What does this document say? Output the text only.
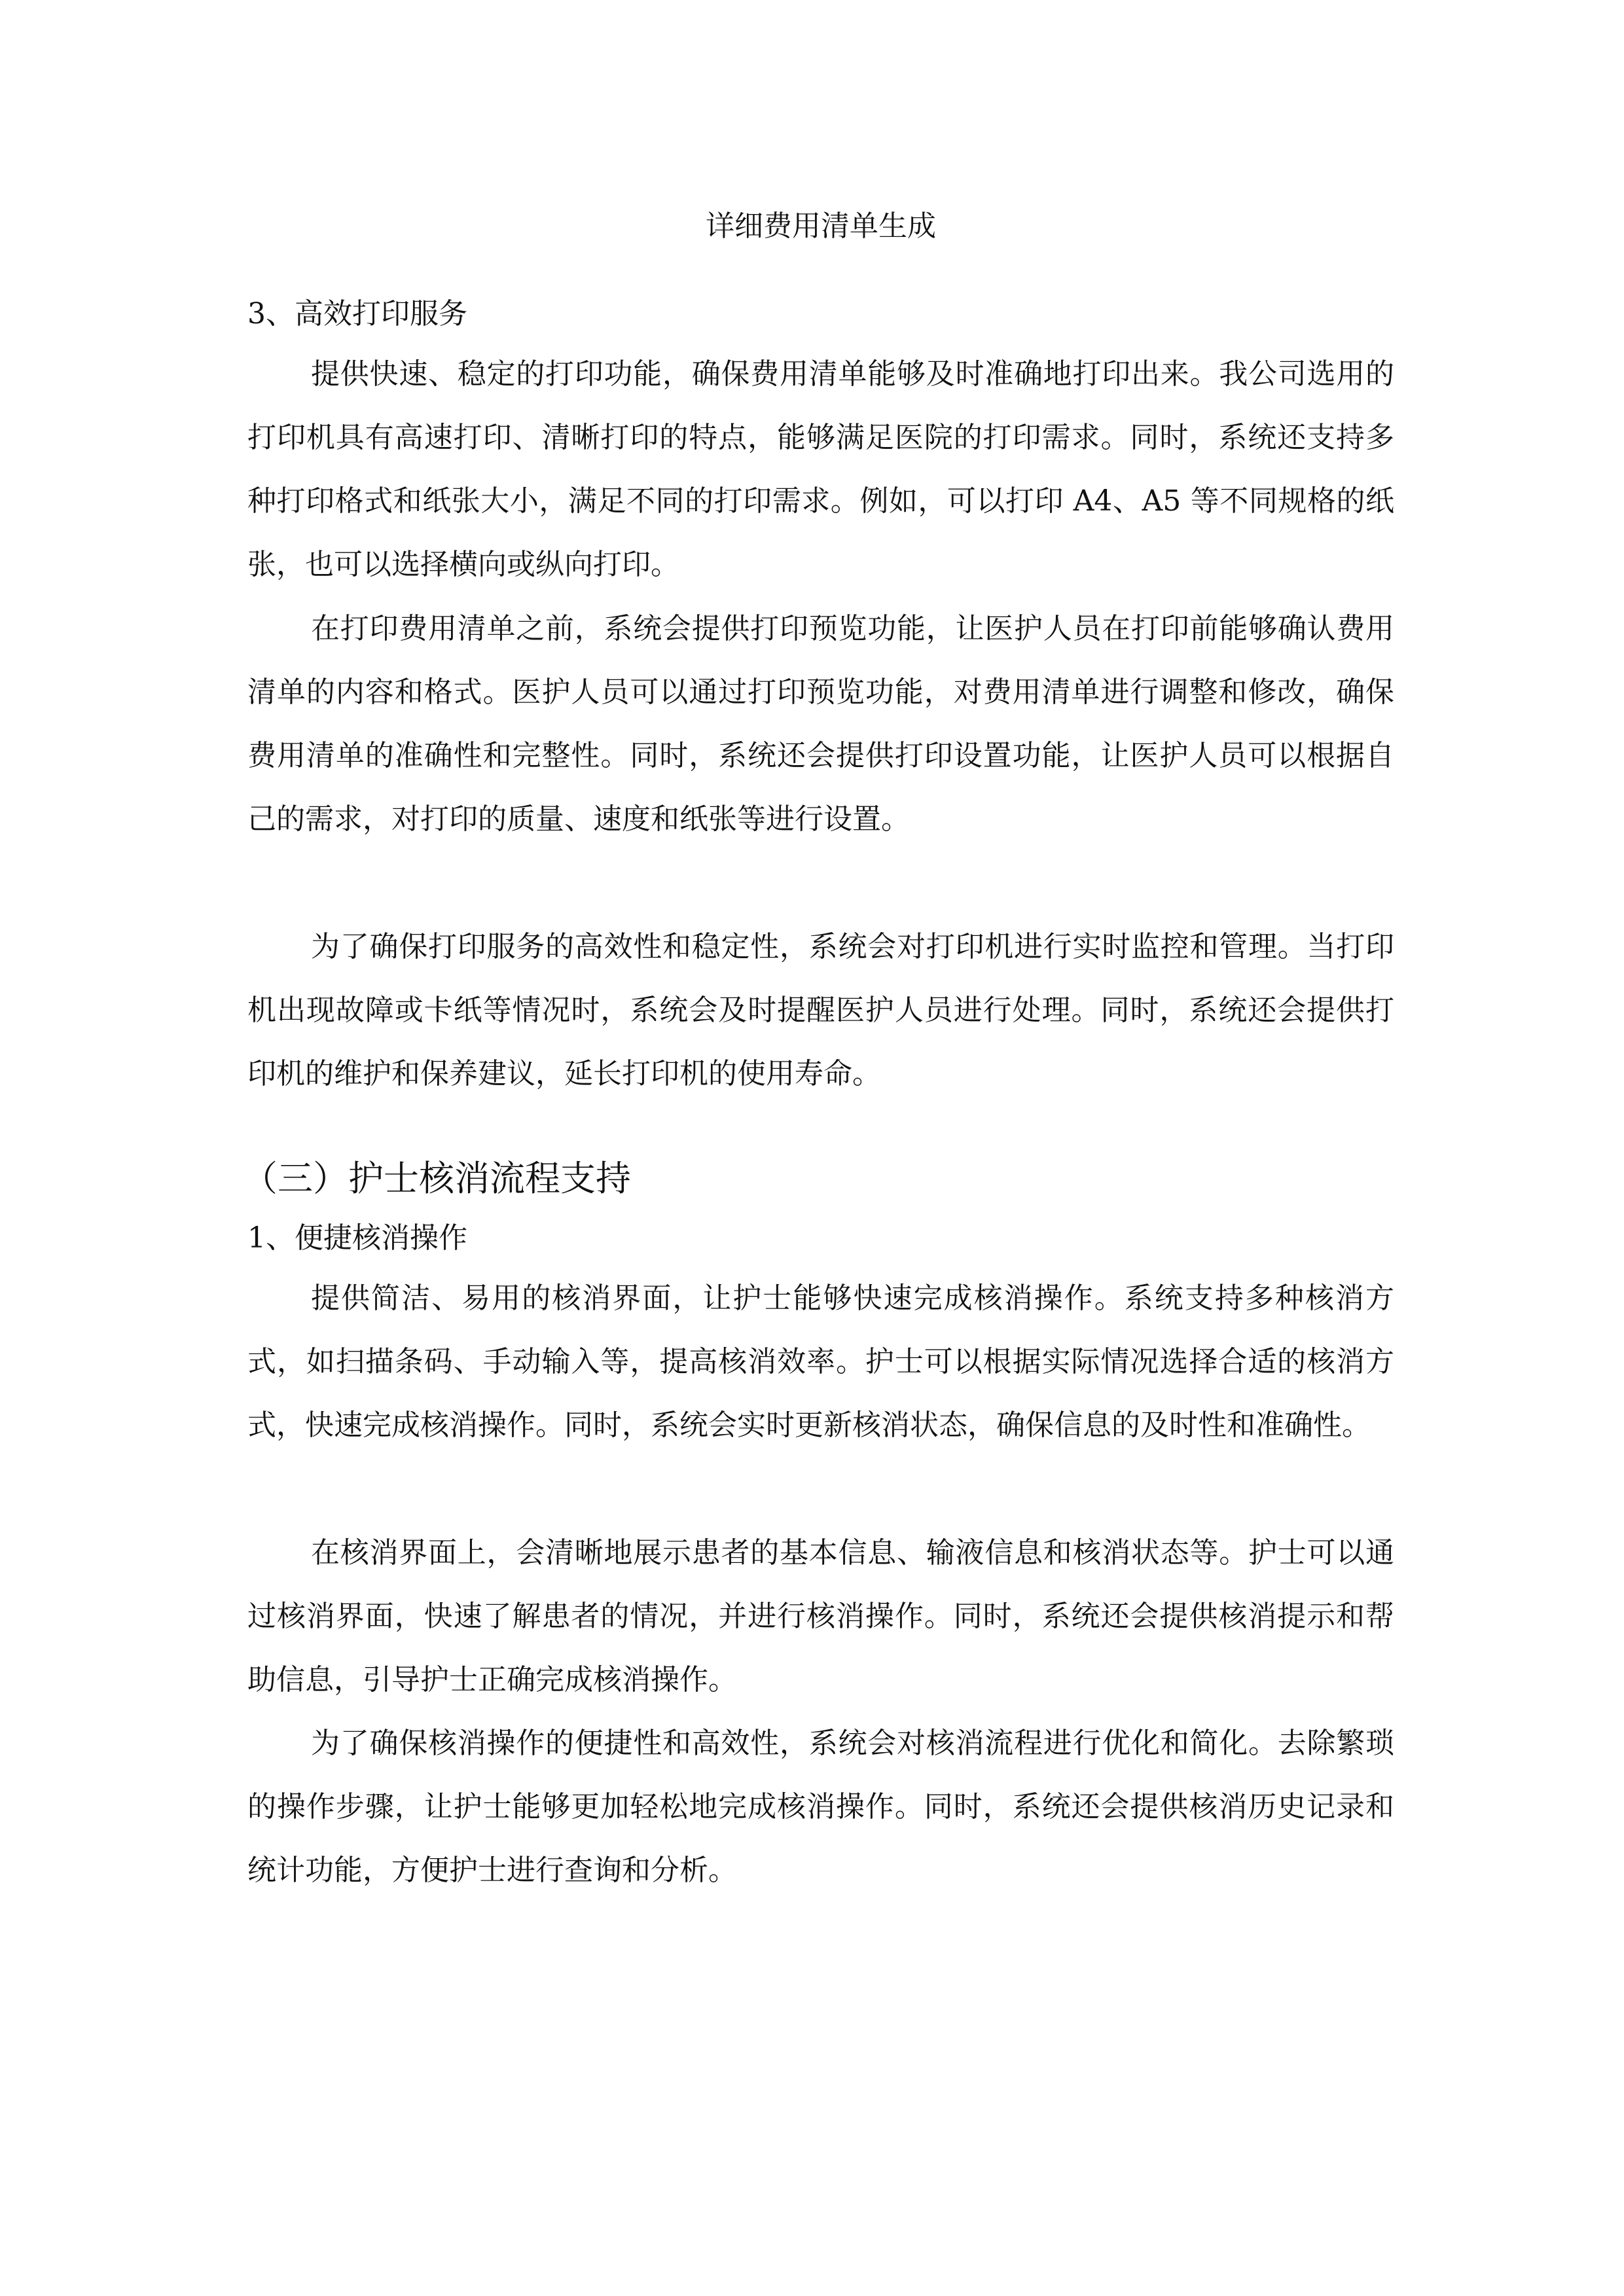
详细费用清单生成
3、高效打印服务

提供快速、稳定的打印功能，确保费用清单能够及时准确地打印出来。我公司选用的打印机具有高速打印、清晰打印的特点，能够满足医院的打印需求。同时，系统还支持多种打印格式和纸张大小，满足不同的打印需求。例如，可以打印 A4、A5 等不同规格的纸张，也可以选择横向或纵向打印。

在打印费用清单之前，系统会提供打印预览功能，让医护人员在打印前能够确认费用清单的内容和格式。医护人员可以通过打印预览功能，对费用清单进行调整和修改，确保费用清单的准确性和完整性。同时，系统还会提供打印设置功能，让医护人员可以根据自己的需求，对打印的质量、速度和纸张等进行设置。

为了确保打印服务的高效性和稳定性，系统会对打印机进行实时监控和管理。当打印机出现故障或卡纸等情况时，系统会及时提醒医护人员进行处理。同时，系统还会提供打印机的维护和保养建议，延长打印机的使用寿命。

（三）护士核消流程支持
1、便捷核消操作

提供简洁、易用的核消界面，让护士能够快速完成核消操作。系统支持多种核消方式，如扫描条码、手动输入等，提高核消效率。护士可以根据实际情况选择合适的核消方式，快速完成核消操作。同时，系统会实时更新核消状态，确保信息的及时性和准确性。

在核消界面上，会清晰地展示患者的基本信息、输液信息和核消状态等。护士可以通过核消界面，快速了解患者的情况，并进行核消操作。同时，系统还会提供核消提示和帮助信息，引导护士正确完成核消操作。

为了确保核消操作的便捷性和高效性，系统会对核消流程进行优化和简化。去除繁琐的操作步骤，让护士能够更加轻松地完成核消操作。同时，系统还会提供核消历史记录和统计功能，方便护士进行查询和分析。
